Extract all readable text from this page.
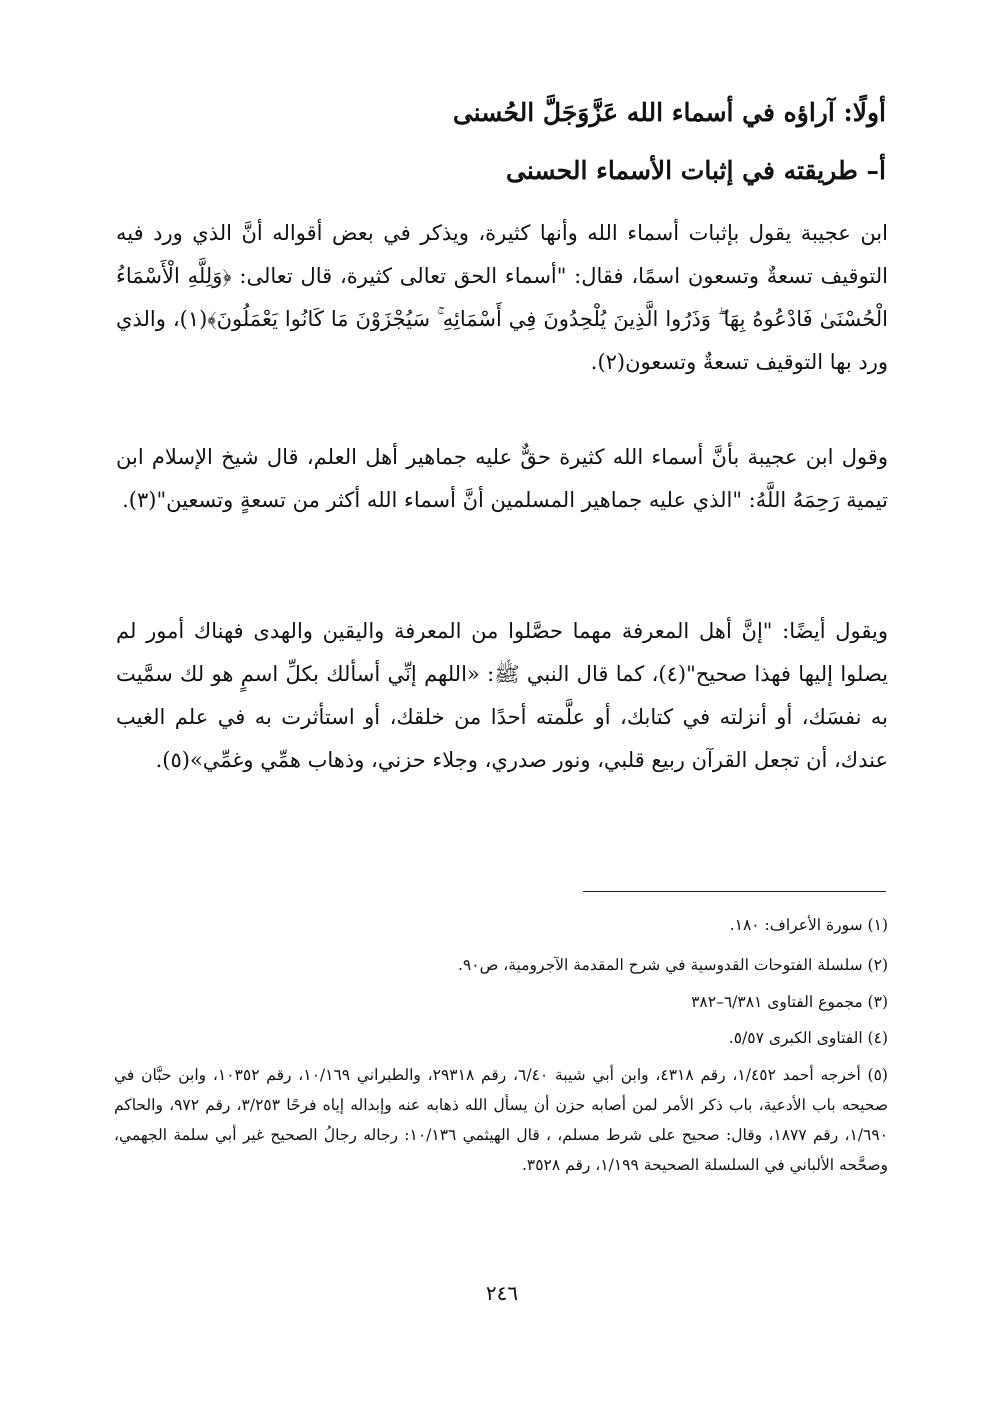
أولًا: آراؤه في أسماء الله عَزَّوَجَلَّ الحُسنى
أ– طريقته في إثبات الأسماء الحسنى

ابن عجيبة يقول بإثبات أسماء الله وأنها كثيرة، ويذكر في بعض أقواله أنَّ الذي ورد فيه التوقيف تسعةٌ وتسعون اسمًا، فقال: "أسماء الحق تعالى كثيرة، قال تعالى: ﴿وَلِلَّهِ الْأَسْمَاءُ الْحُسْنَىٰ فَادْعُوهُ بِهَا ۖ وَذَرُوا الَّذِينَ يُلْحِدُونَ فِي أَسْمَائِهِ ۚ سَيُجْزَوْنَ مَا كَانُوا يَعْمَلُونَ﴾(١)، والذي ورد بها التوقيف تسعةٌ وتسعون(٢).

وقول ابن عجيبة بأنَّ أسماء الله كثيرة حقٌّ عليه جماهير أهل العلم، قال شيخ الإسلام ابن تيمية رَحِمَهُ اللَّهُ: "الذي عليه جماهير المسلمين أنَّ أسماء الله أكثر من تسعةٍ وتسعين"(٣).

ويقول أيضًا: "إنَّ أهل المعرفة مهما حصَّلوا من المعرفة واليقين والهدى فهناك أمور لم يصلوا إليها فهذا صحيح"(٤)، كما قال النبي ﷺ: «اللهم إنِّي أسألك بكلِّ اسمٍ هو لك سمَّيت به نفسَك، أو أنزلته في كتابك، أو علَّمته أحدًا من خلقك، أو استأثرت به في علم الغيب عندك، أن تجعل القرآن ربيع قلبي، ونور صدري، وجلاء حزني، وذهاب همِّي وغمِّي»(٥).

(١) سورة الأعراف: ١٨٠.

(٢) سلسلة الفتوحات القدوسية في شرح المقدمة الآجرومية، ص٩٠.

(٣) مجموع الفتاوى ٦/٣٨١–٣٨٢

(٤) الفتاوى الكبرى ٥/٥٧.

(٥) أخرجه أحمد ١/٤٥٢، رقم ٤٣١٨، وابن أبي شيبة ٦/٤٠، رقم ٢٩٣١٨، والطبراني ١٠/١٦٩، رقم ١٠٣٥٢، وابن حبَّان في صحيحه باب الأدعية، باب ذكر الأمر لمن أصابه حزن أن يسأل الله ذهابه عنه وإبداله إياه فرحًا ٣/٢٥٣، رقم ٩٧٢، والحاكم ١/٦٩٠، رقم ١٨٧٧، وقال: صحيح على شرط مسلم، ، قال الهيثمي ١٠/١٣٦: رجاله رجالُ الصحيح غير أبي سلمة الجهمي، وصحَّحه الألباني في السلسلة الصحيحة ١/١٩٩، رقم ٣٥٢٨.

٢٤٦
